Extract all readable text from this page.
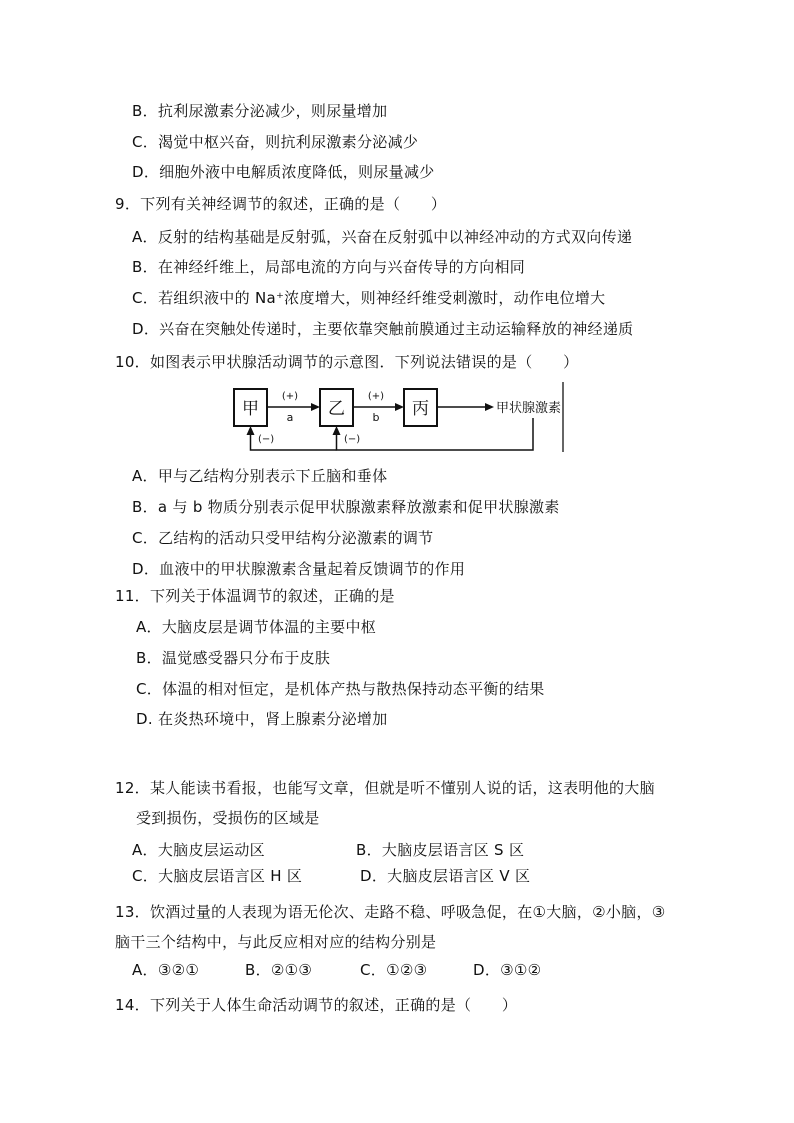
B．抗利尿激素分泌减少，则尿量增加
C．渴觉中枢兴奋，则抗利尿激素分泌减少
D．细胞外液中电解质浓度降低，则尿量减少
9．下列有关神经调节的叙述，正确的是（　　）
A．反射的结构基础是反射弧，兴奋在反射弧中以神经冲动的方式双向传递
B．在神经纤维上，局部电流的方向与兴奋传导的方向相同
C．若组织液中的 Na⁺浓度增大，则神经纤维受刺激时，动作电位增大
D．兴奋在突触处传递时，主要依靠突触前膜通过主动运输释放的神经递质
10．如图表示甲状腺活动调节的示意图．下列说法错误的是（　　）
甲	乙	丙
(+)
a
(+)
b
甲状腺激素
(−)	(−)
A．甲与乙结构分别表示下丘脑和垂体
B．a 与 b 物质分别表示促甲状腺激素释放激素和促甲状腺激素
C．乙结构的活动只受甲结构分泌激素的调节
D．血液中的甲状腺激素含量起着反馈调节的作用
11．下列关于体温调节的叙述，正确的是
A．大脑皮层是调节体温的主要中枢
B．温觉感受器只分布于皮肤
C．体温的相对恒定，是机体产热与散热保持动态平衡的结果
D. 在炎热环境中，肾上腺素分泌增加
12．某人能读书看报，也能写文章，但就是听不懂别人说的话，这表明他的大脑
受到损伤，受损伤的区域是
A．大脑皮层运动区	B．大脑皮层语言区 S 区
C．大脑皮层语言区 H 区	D．大脑皮层语言区 V 区
13．饮酒过量的人表现为语无伦次、走路不稳、呼吸急促，在①大脑，②小脑，③
脑干三个结构中，与此反应相对应的结构分别是
A．③②①	B．②①③	C．①②③	D．③①②
14．下列关于人体生命活动调节的叙述，正确的是（　　）
